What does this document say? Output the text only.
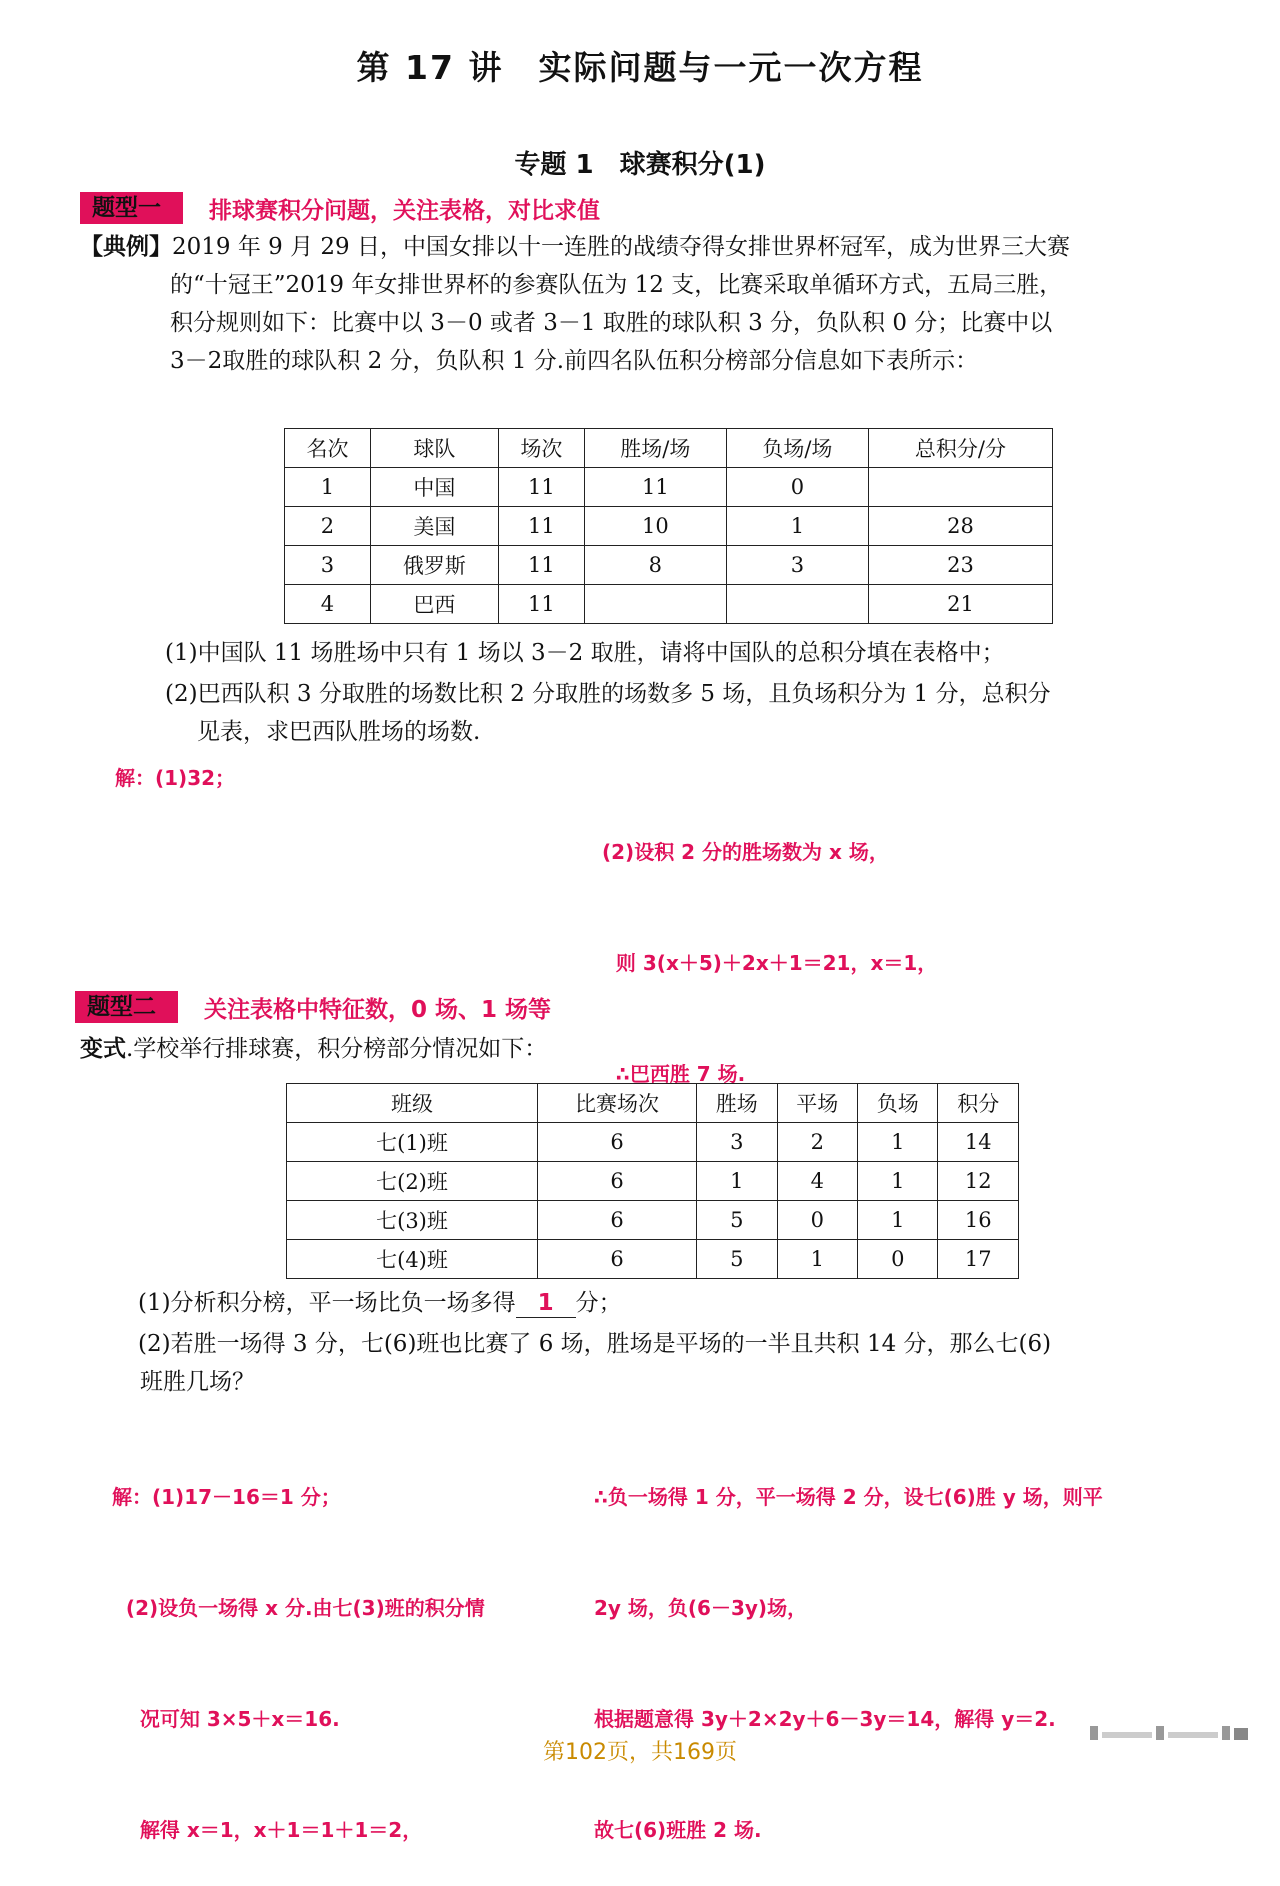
第 17 讲　实际问题与一元一次方程
专题 1　球赛积分(1)
题型一	排球赛积分问题，关注表格，对比求值
【典例】2019 年 9 月 29 日，中国女排以十一连胜的战绩夺得女排世界杯冠军，成为世界三大赛
的“十冠王”2019 年女排世界杯的参赛队伍为 12 支，比赛采取单循环方式，五局三胜，
积分规则如下：比赛中以 3－0 或者 3－1 取胜的球队积 3 分，负队积 0 分；比赛中以
3－2取胜的球队积 2 分，负队积 1 分.前四名队伍积分榜部分信息如下表所示：
名次	球队	场次	胜场/场	负场/场	总积分/分
1	中国	11	11	0	
2	美国	11	10	1	28
3	俄罗斯	11	8	3	23
4	巴西	11			21
(1)中国队 11 场胜场中只有 1 场以 3－2 取胜，请将中国队的总积分填在表格中；
(2)巴西队积 3 分取胜的场数比积 2 分取胜的场数多 5 场，且负场积分为 1 分，总积分
见表，求巴西队胜场的场数.
解：(1)32；

(2)设积 2 分的胜场数为 x 场，

则 3(x＋5)＋2x＋1＝21，x＝1，

∴巴西胜 7 场.

题型二	关注表格中特征数，0 场、1 场等
变式.学校举行排球赛，积分榜部分情况如下：
班级	比赛场次	胜场	平场	负场	积分
七(1)班	6	3	2	1	14
七(2)班	6	1	4	1	12
七(3)班	6	5	0	1	16
七(4)班	6	5	1	0	17
(1)分析积分榜，平一场比负一场多得 1 分；
(2)若胜一场得 3 分，七(6)班也比赛了 6 场，胜场是平场的一半且共积 14 分，那么七(6)
班胜几场？

解：(1)17－16＝1 分；

(2)设负一场得 x 分.由七(3)班的积分情

况可知 3×5＋x＝16.

解得 x＝1，x＋1＝1＋1＝2，

∴负一场得 1 分，平一场得 2 分，设七(6)胜 y 场，则平

2y 场，负(6－3y)场，

根据题意得 3y＋2×2y＋6－3y＝14，解得 y＝2.

故七(6)班胜 2 场.

第102页，共169页
